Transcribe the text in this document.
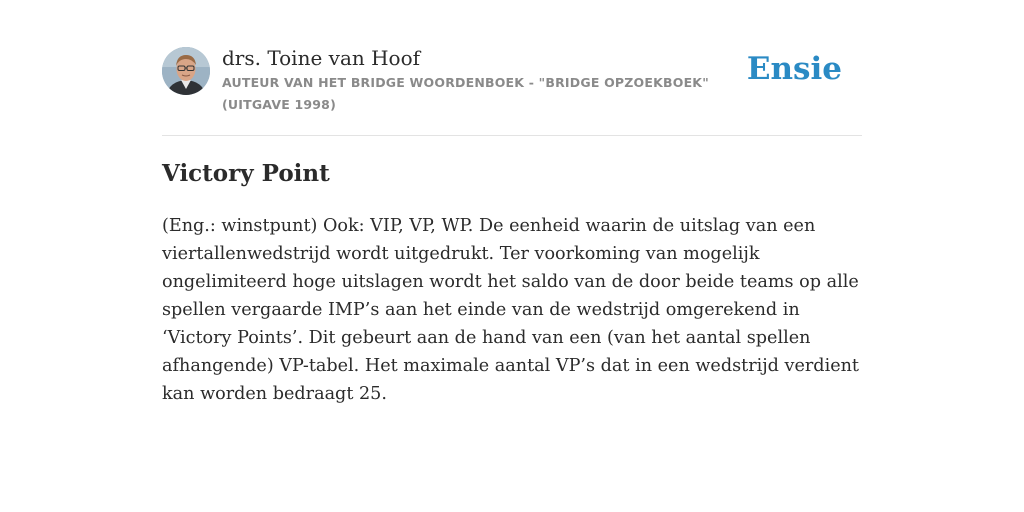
drs. Toine van Hoof

AUTEUR VAN HET BRIDGE WOORDENBOEK - "BRIDGE OPZOEKBOEK" (UITGAVE 1998)

Ensie

Victory Point

(Eng.: winstpunt) Ook: VIP, VP, WP. De eenheid waarin de uitslag van een viertallenwedstrijd wordt uitgedrukt. Ter voorkoming van mogelijk ongelimiteerd hoge uitslagen wordt het saldo van de door beide teams op alle spellen vergaarde IMP’s aan het einde van de wedstrijd omgerekend in ‘Victory Points’. Dit gebeurt aan de hand van een (van het aantal spellen afhangende) VP-tabel. Het maximale aantal VP’s dat in een wedstrijd verdient kan worden bedraagt 25.
